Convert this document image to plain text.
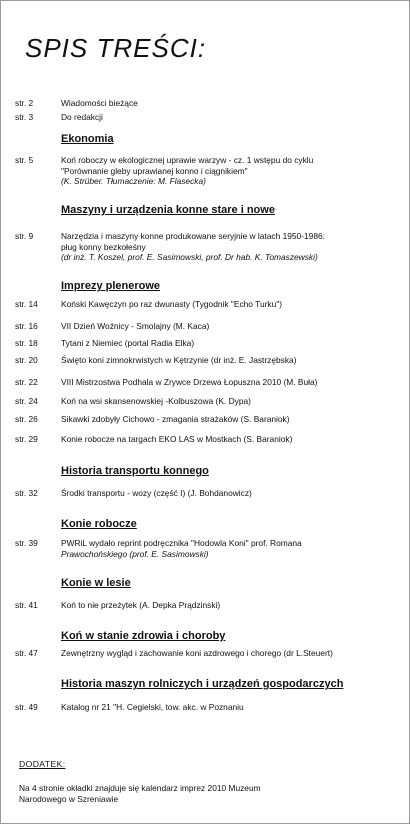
SPIS TREŚCI:
str. 2	Wiadomości bieżące
str. 3	Do redakcji
Ekonomia
str. 5	Koń roboczy w ekologicznej uprawie warzyw - cz. 1 wstępu do cyklu
"Porównanie gleby uprawianej konno i ciągnikiem"
(K. Strüber. Tłumaczenie: M. Flasecka)
Maszyny i urządzenia konne stare i nowe
str. 9	Narzędzia i maszyny konne produkowane seryjnie w latach 1950-1986:
pług konny bezkołeśny
(dr inż. T. Koszel, prof. E. Sasimowski, prof. Dr hab. K. Tomaszewski)
Imprezy plenerowe
str. 14	Koński Kawęczyn po raz dwunasty (Tygodnik "Echo Turku")
str. 16	VII Dzień Woźnicy - Smolajny (M. Kaca)
str. 18	Tytani z Niemiec (portal Radia Elka)
str. 20	Święto koni zimnokrwistych w Kętrzynie (dr inż. E. Jastrzębska)
str. 22	VIII Mistrzostwa Podhala w Zrywce Drzewa Łopuszna 2010 (M. Buła)
str. 24	Koń na wsi skansenowskiej -Kolbuszowa (K. Dypa)
str. 26	Sikawki zdobyły Cichowo - zmagania strażaków (S. Baraniok)
str. 29	Konie robocze na targach EKO LAS w Mostkach (S. Baraniok)
Historia transportu konnego
str. 32	Środki transportu - wozy (część I) (J. Bohdanowicz)
Konie robocze
str. 39	PWRiL wydało reprint podręcznika "Hodowla Koni" prof. Romana
Prawochońskiego (prof. E. Sasimowski)
Konie w lesie
str. 41	Koń to nie przeżytek (A. Depka Prądzinski)
Koń w stanie zdrowia i choroby
str. 47	Zewnętrzny wygląd i zachowanie koni azdrowego i chorego (dr L.Steuert)
Historia maszyn rolniczych i urządzeń gospodarczych
str. 49	Katalog nr 21 "H. Cegielski, tow. akc. w Poznaniu
DODATEK:
Na 4 stronie okładki znajduje się kalendarz imprez 2010 Muzeum
Narodowego w Szreniawie
